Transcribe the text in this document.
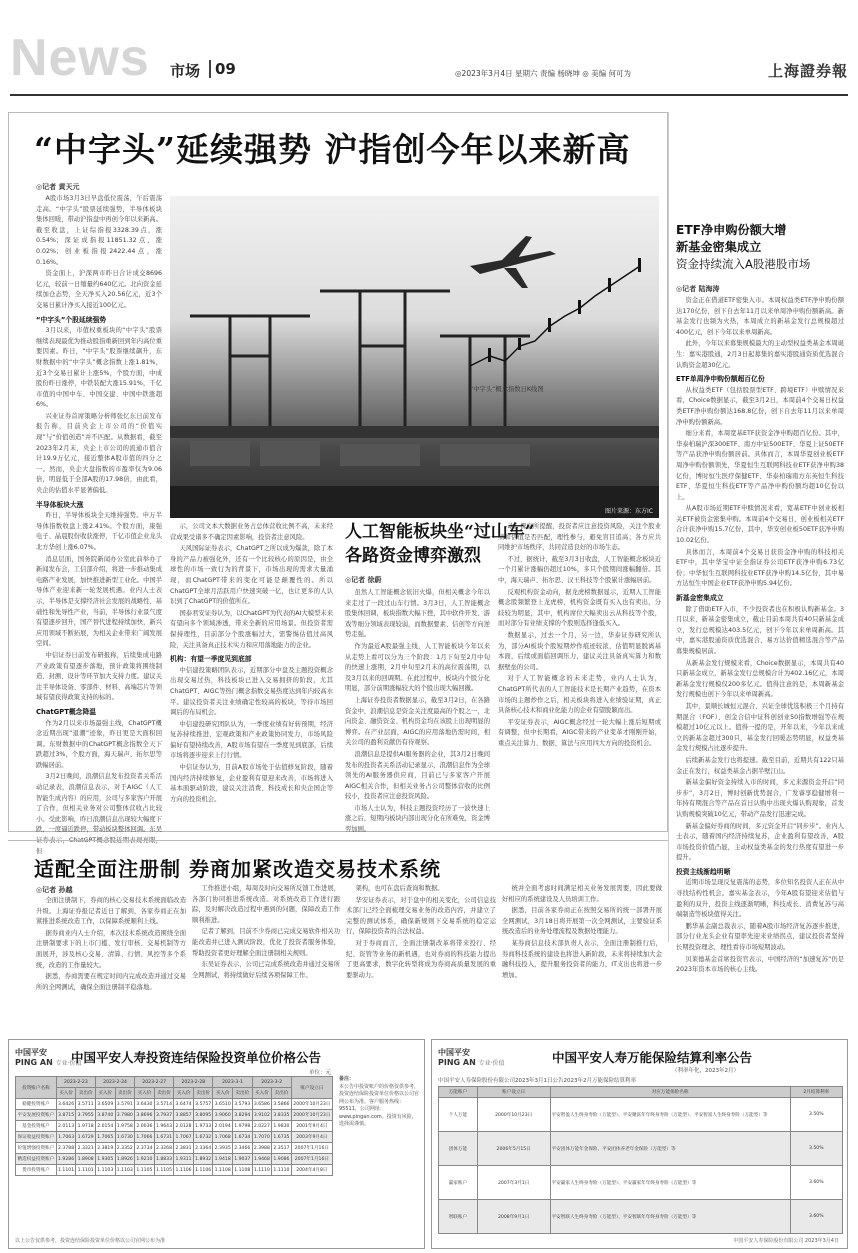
News 市场 09	◎2023年3月4日 星期六 责编 杨晓坤 ◎ 美编 何可为	上海證券報
“中字头”延续强势 沪指创今年以来新高
◎记者 黄天元

A股市场3月3日早盘低位震荡，午后震荡走高。“中字头”股票延续强势，半导体板块集体回暖，带动沪指盘中再创今年以来新高。截至收盘，上证综指报3328.39点，涨0.54%；深证成指报11851.32点，涨0.02%；创业板指报2422.44点，涨0.16%。

资金面上，沪深两市昨日合计成交8696亿元，较前一日缩量约640亿元。北向资金延续加仓态势，全天净买入20.56亿元，近3个交易日累计净买入接近100亿元。

“中字头”个股延续强势

3月以来，市值权重板块的“中字头”股票继续表现最优为推动股指重新回到年内高位重要因素。昨日，“中字头”股票继续飙升，东财数据中的“中字头”概念指数上涨1.81%，近3个交易日累计上涨5%，个股方面，中成股份昨日涨停，中铁装配大涨15.91%，千亿市值的中国中车、中国交建、中国中铁涨超6%。

兴业证券首席策略分析师张忆东日前发布报告称，目前央企上市公司的“价值实现”与“价值创造”并不匹配。从数据看，截至2023年2月末，央企上市公司的流通市值合计19.9万亿元，接近整体A股市值的四分之一。然而，央企大盘指数的市盈率仅为9.06倍，明显低于全部A股的17.98倍，由此看，央企的估值水平显著偏低。

半导体板块大涨

昨日，半导体板块全天维持强势。申万半导体指数收盘上涨2.41%。个股方面，康强电子、晶晨股份收获涨停，千亿市值企业龙头北方华创上涨6.07%。

消息层面，国务院新闻办公室此前举办了新闻发布会，工信部介绍，将进一步推动集成电路产业发展，加快推进新型工业化。中国半导体产业迎来新一轮发展机遇。业内人士表示，半导体是支撑经济社会发展的战略性、基础性和先导性产业，当前，半导体行业景气度有望逐步回升，国产替代进程持续加快，新兴应用领域不断拓展，为相关企业带来广阔发展空间。

中信证券日前发布研报称，后续集成电路产业政策有望逐步落地，预计政策将围绕制造、封测、设计等环节加大支持力度。建议关注半导体设备、零部件、材料、高端芯片等领域有望获得政策支持的标的。

ChatGPT概念降温

作为2月以来市场最强主线，ChatGPT概念近期出现“退潮”迹象，昨日更是大面积回调。东财数据中的ChatGPT概念指数全天下跌超过3%，个股方面，海天瑞声、拓尔思等跌幅居前。

3月2日晚间，浪潮信息发布投资者关系活动记录表，浪潮信息表示，对于AIGC（人工智能生成内容）的应用，公司与多家客户开展了合作，但相关业务对公司整体营收占比较小。受此影响，昨日浪潮信息出现较大幅度下跌，一度逼近跌停，带动板块整体回调。东吴 但

“中字头”概念指数日K线图
图片来源：东方IC

示，公司文本大数据业务占总体营收比例不高，未来经营成果受诸多不确定因素影响，投资者注意风险。

天风国际证券表示，ChatGPT之所以成为爆款，除了本身的产品力被强化外，还有一个比较核心的原因是，由全球性的市场一致行为的背景下，市场出现的需求大量涌现，而ChatGPT带来的变化可能是颠覆性的。所以ChatGPT全球月活跃用户快速突破一亿，也让更多的人认识到了ChatGPT的价值所在。

国泰君安证券认为，以ChatGPT为代表的AI大模型未来有望向多个领域渗透，带来全新的应用场景。但投资者需保持理性，目前部分个股涨幅过大，需警惕估值过高风险，关注具备真正技术实力和应用落地能力的企业。

机构：有望一季度见到底部

中信建投策略团队表示，近期部分中盘及主题投资概念出现交易过热，科技板块已进入交易拥挤的阶段，尤其ChatGPT、AIGC等热门概念指数交易热度达到年内较高水平。建议投资者关注业绩确定性较高的板块，等待市场回调后的布局机会。

中信建投研究团队认为，一季度业绩有好转预期，经济复苏持续推进，宏观政策和产业政策协同发力，市场风险偏好有望持续改善，A股市场有望在一季度见到底部，后续市场将逐步迎来上行行情。

中信证券认为，目前A股市场处于估值修复阶段，随着国内经济持续修复，企业盈利有望迎来改善，市场将进入基本面驱动阶段，建议关注消费、科技成长和央企国企等方向的投资机会。

人工智能板块坐“过山车”
各路资金博弈激烈
◎记者 徐蔚

虽然人工智能概念依旧火爆，但相关概念今年以来走过了一段过山车行情。3月3日，人工智能概念股集体回调，板块指数大幅下挫，其中软件开发、游戏等细分领域表现较弱，而数据要素、信创等方向逆势走强。

作为最近A股最强主线，人工智能板块今年以来从走势上看可以分为三个阶段：1月下旬至2月中旬的快速上涨期，2月中旬至2月末的高位震荡期，以及3月以来的回调期。在此过程中，板块内个股分化明显，部分前期涨幅较大的个股出现大幅回撤。

上海证券投资者数据显示，截至3月2日，在各路资金中，浪潮信息是资金关注度最高的个股之一，北向资金、融资资金、机构资金均在该股上出现明显的博弈。在产业层面，AIGC的应用落地仍需时间，相关公司的盈利贡献仍有待观察。

浪潮信息是提供AI服务器的企业，其3月2日晚间发布的投资者关系活动记录显示，浪潮信息作为全球领先的AI服务器供应商，目前已与多家客户开展AIGC相关合作，但相关业务占公司整体营收的比例较小，投资者应注意投资风险。

市场人士认为，科技主题投资经历了一波快速上涨之后，短期内板块内部出现分化在所难免，资金博弈加剧。

动。深交所提醒，投资者应注意投资风险，关注个股业绩和估值是否匹配，理性参与，避免盲目追高；各方应共同维护市场秩序，共同营造良好的市场生态。

不过，据统计，截至3月3日收盘，人工智能概念板块近一个月累计涨幅仍超过10%，多只个股期间涨幅翻倍。其中，海天瑞声、拓尔思、汉王科技等个股累计涨幅居前。

反观机构资金动向，据龙虎榜数据显示，近期人工智能概念股频繁登上龙虎榜，机构资金既有买入也有卖出，分歧较为明显，其中，机构席位大幅卖出云从科技等个股，而对部分有业绩支撑的个股则选择逢低买入。

数据显示，过去一个月，另一边，华泰证券研究所认为，部分AI板块个股短期炒作痕迹较浓，估值明显脱离基本面，后续或面临回调压力，建议关注具备真实算力和数据壁垒的公司。

对于人工智能概念的未来走势，业内人士认为，ChatGPT所代表的人工智能技术是长期产业趋势，在资本市场的主题炒作之后，相关板块将进入业绩验证期，真正具备核心技术和商业化能力的企业有望脱颖而出。

平安证券表示，AIGC概念经过一轮大幅上涨后短期或有调整，但中长期看，AIGC带来的产业变革才刚刚开始，重点关注算力、数据、算法与应用四大方向的投资机会。

ETF净申购份额大增
新基金密集成立
资金持续流入A股港股市场
◎记者 陆海涛

资金正在借道ETF密集入市。本周权益类ETF净申购份额达170亿份，创下自去年11月以来单周净申购份额新高。新基金发行也频为火热，本周成立的新基金发行总规模超过400亿元，创下今年以来单周新高。

此外，今年以来募集规模最大的主动型权益类基金本周诞生：嘉实港股通，2月3日起募集的嘉实港股通资质优选混合认购资金超30亿元。

ETF单周净申购份额超百亿份

从权益类ETF（包括股票型ETF、跨境ETF）申赎情况来看，Choice数据显示，截至3月2日，本周前4个交易日权益类ETF净申购份额达168.8亿份，创下自去年11月以来单周净申购份额新高。

细分来看，本周宽基ETF获资金净申购超百亿份。其中，华泰柏瑞沪深300ETF、南方中证500ETF、华夏上证50ETF等产品获净申购份额居前。具体而言，本周华夏创业板ETF周净申购份额领先，华夏恒生互联网科技业ETF获净申购38亿份，博时恒生医疗保健ETF、华泰柏瑞南方东英恒生科技ETF、华夏恒生科技ETF等产品净申购份额均超10亿份以上。

从A股市场近期ETF申赎情况来看，宽基ETF中创业板相关ETF被资金密集申购。本周前4个交易日，创业板相关ETF合计获净申购15.7亿份，其中，华安创业板50ETF获净申购10.02亿份。

具体而言，本周前4个交易日获资金净申购的科技相关ETF中，其中华宝中证全指证券公司ETF获净申购6.73亿份；中华恒生互联网科技业ETF获净申购14.5亿份，其中易方达恒生中国企业ETF获净申购5.94亿份。

新基金密集成立

除了借助ETF入市，不少投资者也在积极认购新基金。3月以来，新基金密集成立，截止目前本周共有40只新基金成立，发行总规模达403.5亿元，创下今年以来单周新高。其中，嘉实港股通资质优选混合、易方达价值精选混合等产品募集规模居前。

从新基金发行规模来看，Choice数据显示，本周共有40只新基金成立，新基金发行总规模合计为402.16亿元，本周新基金发行规模仅200多亿元。值得注意的是，本周新基金发行规模也创下今年以来单周新高。

其中，景顺长城恒元混合、兴证全球优选积极三个月持有期混合（FOF）、创金合信中证科创创业50指数增强等在规模超过10亿元以上。值得一提的是，开年以来，今年以来成立的新基金超过300只，基金发行回暖态势明显，权益类基金发行规模占比逐步提升。

后续新基金发行也将提速。截至目前，近期共有122只基金正在发行，权益类基金占据半壁江山。

新基金偏好资金持续入市的时间，多元来源资金开启“同步步”，3月2日，博时创新优势混合，广发睿享稳健增利一年持有期混合等产品在首日认购中出现火爆认购现象，首发认购规模突破10亿元，带动产品发行迅速完成。

新基金偏好券商的时间，多元资金开启“同步步”。业内人士表示，随着国内经济持续复苏，企业盈利有望改善，A股市场投资价值凸显，主动权益类基金的发行热度有望进一步提升。

投资主线渐趋明晰

近期市场呈现反复震荡的态势，多位知名投资人正在从中寻找结构性机会。嘉实基金表示，今年A股有望迎来估值与盈利的双升，投资主线逐渐明晰，科技成长、消费复苏与高端制造等板块值得关注。

鹏华基金副总裁表示，随着A股市场经济复苏逐步推进，部分行业龙头企业有望率先迎来业绩拐点，建议投资者坚持长期投资理念，理性看待市场短期波动。

贝莱德基金首席投资官表示，中国经济的“加速复苏”仍是2023年资本市场的核心主线。

适配全面注册制 券商加紧改造交易技术系统
◎记者 孙越

全面注册制下，券商的核心交易技术系统面临改造升级。上海证券报记者近日了解到，各家券商正在加紧推进系统改造工作，以保障系统顺利上线。

据券商业内人士介绍，本次技术系统改造围绕全面注册制要求下的上市门槛、发行审核、交易机制等方面展开，涉及核心交易、清算、行情、风控等多个系统，改造的工作量较大。

据悉，券商需要在规定时间内完成改造并通过交易所的全网测试，确保全面注册制平稳落地。

工作推进小组，每周及时向交易所反馈工作进展，各部门协同推进系统改造。对系统改造工作进行跟踪，及时解决改造过程中遇到的问题，保障改造工作顺利推进。

记者了解到，目前不少券商已完成交易软件相关功能改造并已进入测试阶段，优化了投资者服务体验，帮助投资者更好理解全面注册制相关规则。

东吴证券表示，公司已完成系统改造并通过交易所全网测试，将持续做好后续各项保障工作。

架构，也可在盘后查询和数据。

华安证券表示，对于盘中的相关变化，公司信息技术部门已经全面梳理交易业务的改造内容，并建立了完整的测试体系，确保新规则下交易系统的稳定运行，保障投资者的合法权益。

对于券商而言，全面注册制改革将带来投行、经纪、资管等业务的新机遇，也对券商的科技能力提出了更高要求，数字化转型将成为券商高质量发展的重要驱动力。

统并全面考虑时间满足相关业务发展需要，因此要做好相应的系统建设及人员培训工作。

据悉，目前各家券商正在按照交易所的统一部署开展全网测试，3月18日将开展第一次全网测试，主要验证系统改造后的业务处理流程及数据处理能力。

某券商信息技术部负责人表示，全面注册制推行后，券商科技系统的建设也将进入新阶段，未来将持续加大金融科技投入，提升服务投资者的能力，IT支出也将进一步增加。

中国平安
PING AN 专业·价值
中国平安人寿投资连结保险投资单位价格公告
单位：元
投资账户名称	2023-2-23		2023-2-24		2023-2-27		2023-2-28		2023-3-1		2023-3-2		账户设立日
	买入价	卖出价	买入价	卖出价	买入价	卖出价	买入价	卖出价	买入价	卖出价	买入价	卖出价	
稳健投资账户	3.6426	3.5711	3.6509	3.5791	3.6430	3.5714	3.6474	3.5757	3.6510	3.5793	3.6586	3.5866	2000年10月23日
平安发展投资账户	3.8715	3.7955	3.8740	3.7980	3.8696	3.7937	3.8857	3.8095	3.9060	3.8294	3.9102	3.8335	2000年10月23日
基金投资账户	2.0113	1.9718	2.0154	1.9758	2.0036	1.9643	2.0128	1.9733	2.0194	1.9798	2.0227	1.9830	2001年9月4日
保证收益投资账户	1.7063	1.6729	1.7065	1.6730	1.7066	1.6731	1.7067	1.6732	1.7068	1.6734	1.7070	1.6735	2003年9月4日
价值增强投资账户	2.3788	2.3321	2.3819	2.3352	2.3734	2.3268	2.3831	2.3364	2.3935	2.3466	2.3988	2.3517	2007年1月16日
精选权益投资账户	1.9286	1.8908	1.9305	1.8926	1.9210	1.8833	1.9311	1.8932	1.9418	1.9037	1.9468	1.9086	2007年1月16日
货币投资账户	1.1101	1.1101	1.1103	1.1103	1.1105	1.1105	1.1106	1.1106	1.1108	1.1108	1.1110	1.1110	2004年4月8日
备注：
本公告中投资账户的价格仅供参考，投资连结保险投资单位价格以公司官网公布为准。客户服务热线：95511，公司网址：www.pingan.com。投资有风险，选择需谨慎。
以上公告仅供参考，投资连结保险投资单位价格以公司官网公布为准
中国平安
PING AN 专业·价值	中国平安人寿万能保险结算利率公告
（利率年化，2023年2月）
中国平安人寿保险股份有限公司2023年3月1日公告2023年2月万能保险结算利率
万能账户	账户设立日	对应万能保险名称	2月结算利率
个人万能	2000年10月23日	平安智盈人生终身寿险（万能型）、平安聚富年年终身寿险（万能型）、平安智富人生终身寿险（万能型）等	3.50%
团体万能	2006年5月15日	平安团体万能年金保险、平安团体养老年金保险（万能型）等	3.50%
赢家账户	2007年3月1日	平安赢家人生终身寿险（万能型）、平安赢家年年终身寿险（万能型）等	3.60%
智联账户	2008年9月1日	平安智联人生终身寿险（万能型）、平安智联年年终身寿险（万能型）等	3.60%
中国平安人寿保险股份有限公司 2023年3月4日
